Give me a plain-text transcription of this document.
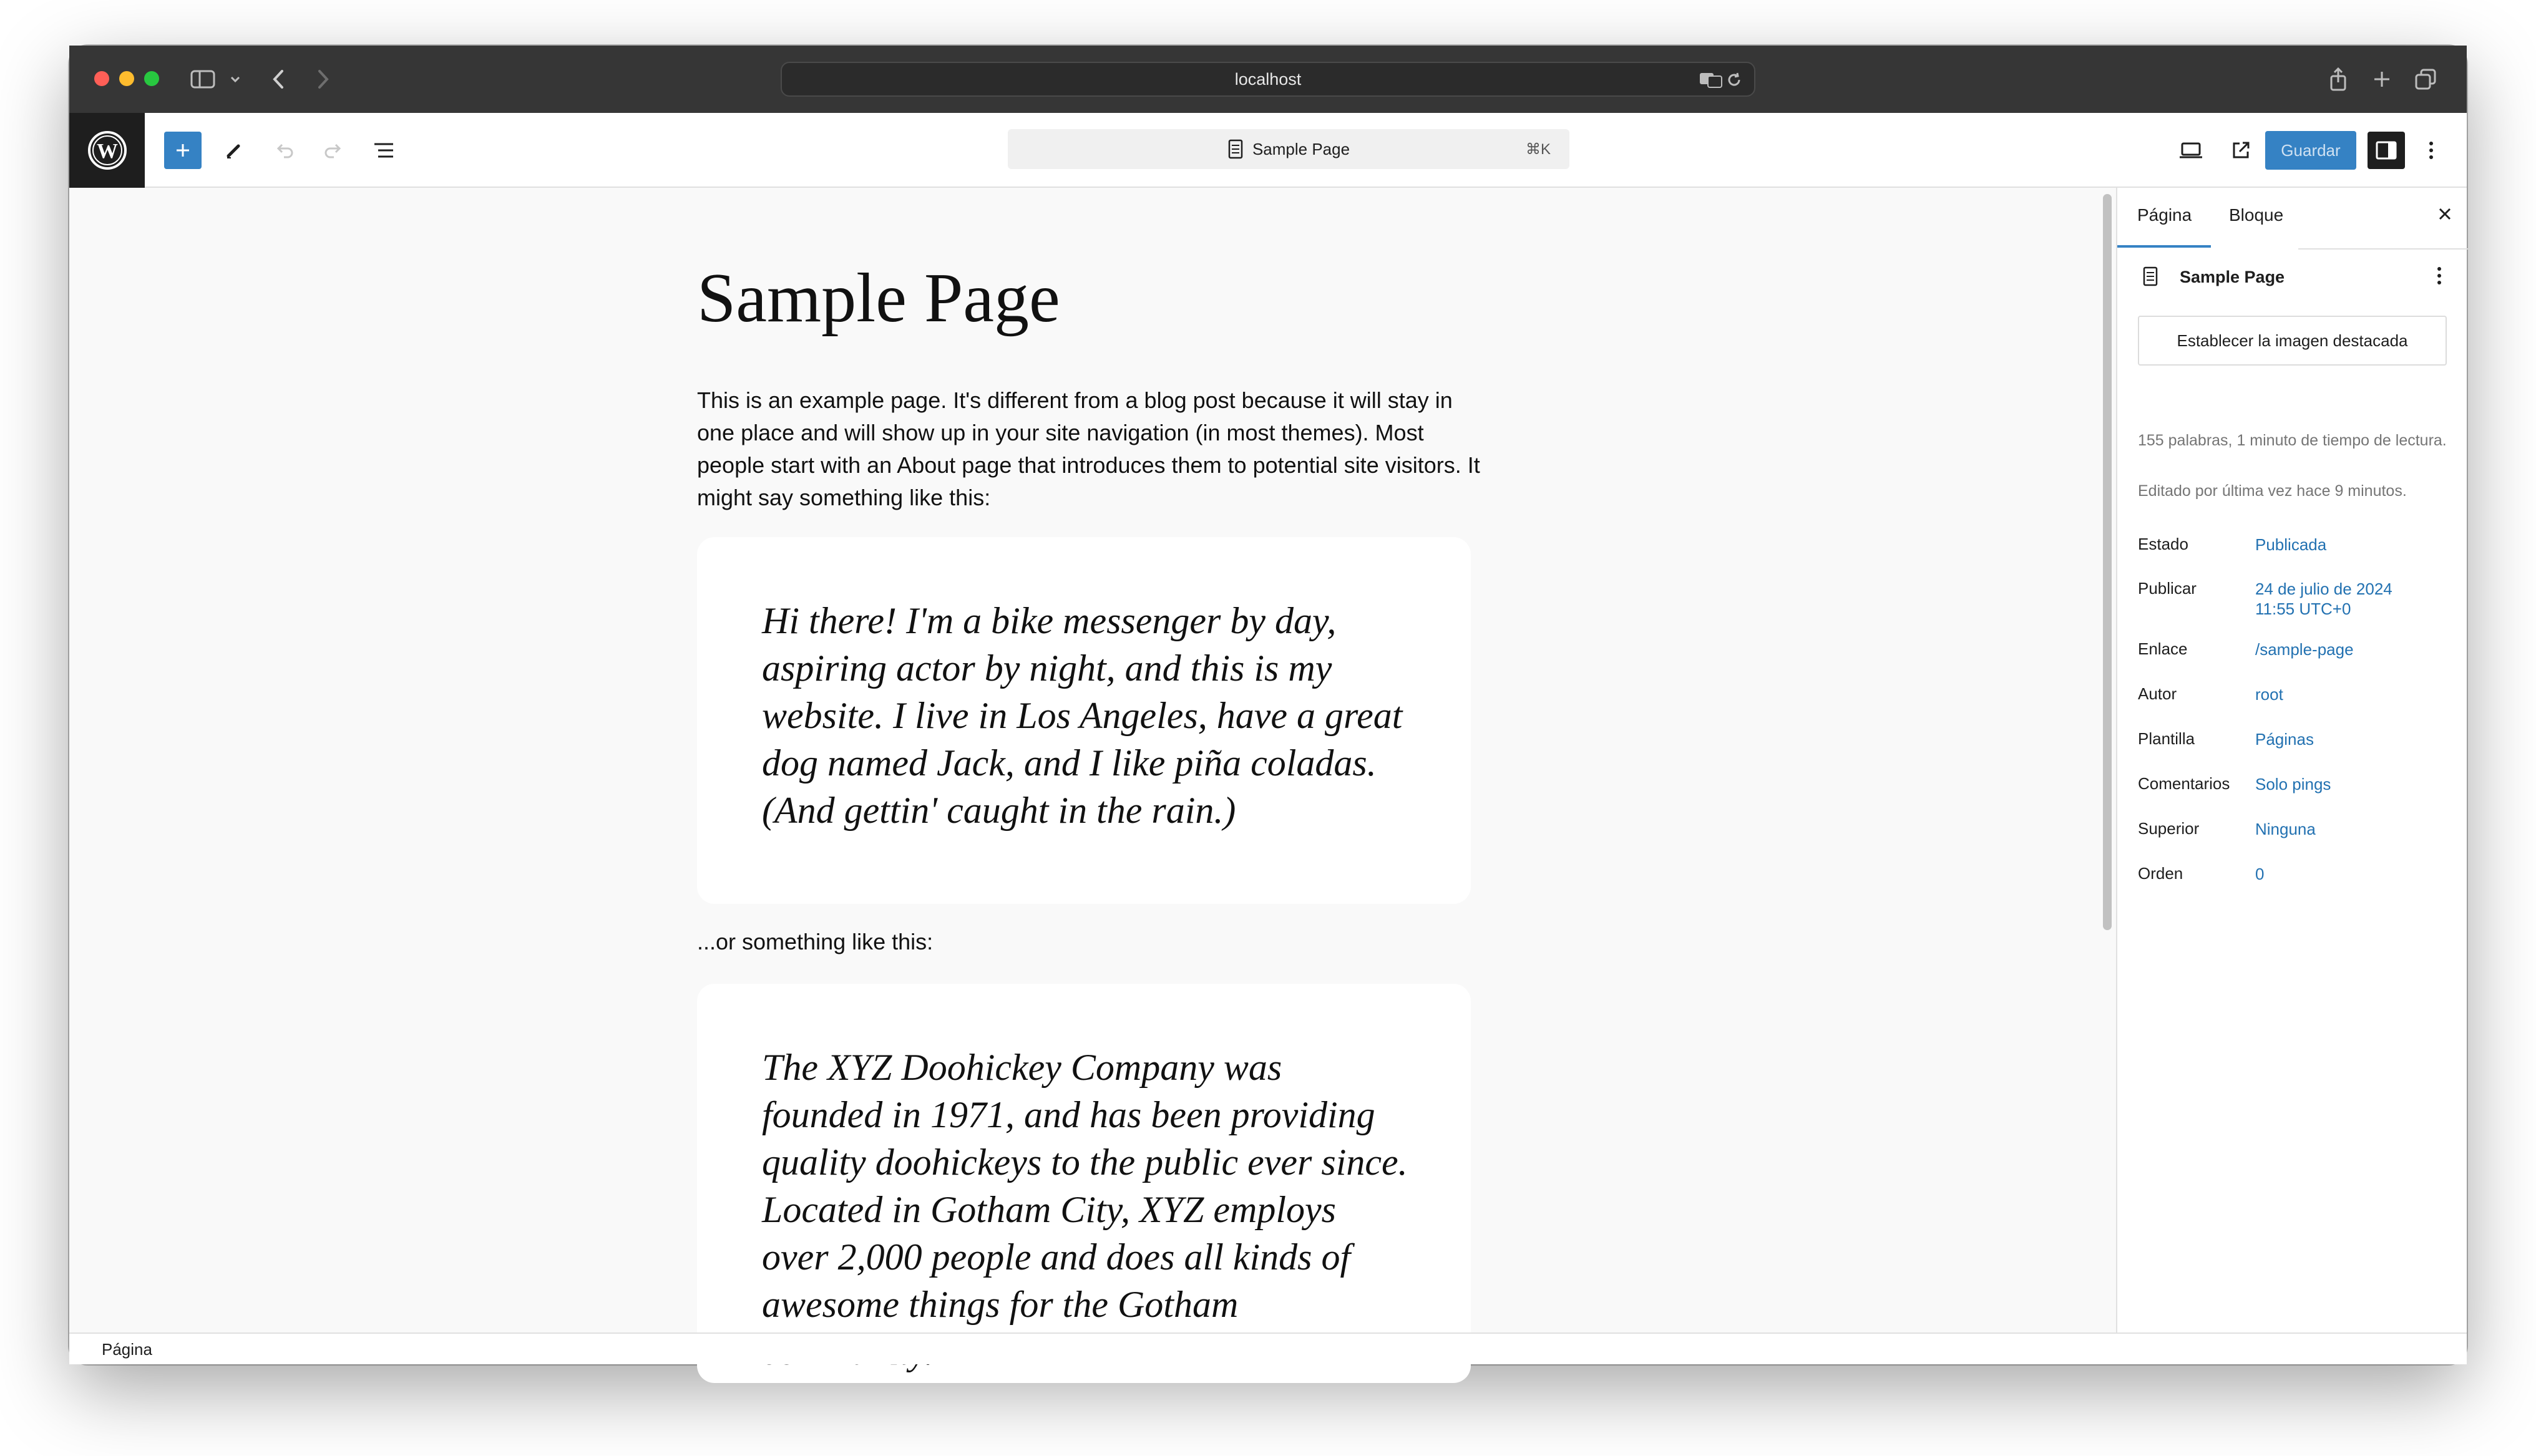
localhost
W	Sample Page	⌘K	Guardar
Sample Page
This is an example page. It's different from a blog post because it will stay in one place and will show up in your site navigation (in most themes). Most people start with an About page that introduces them to potential site visitors. It might say something like this:
Hi there! I'm a bike messenger by day, aspiring actor by night, and this is my website. I live in Los Angeles, have a great dog named Jack, and I like piña coladas. (And gettin' caught in the rain.)
...or something like this:
The XYZ Doohickey Company was founded in 1971, and has been providing quality doohickeys to the public ever since. Located in Gotham City, XYZ employs over 2,000 people and does all kinds of awesome things for the Gotham
Página Bloque
Sample Page
Establecer la imagen destacada
155 palabras, 1 minuto de tiempo de lectura.
Editado por última vez hace 9 minutos.
Estado	Publicada
Publicar	24 de julio de 2024 11:55 UTC+0
Enlace	/sample-page
Autor	root
Plantilla	Páginas
Comentarios Solo pings
Superior	Ninguna
Orden	0
Página
